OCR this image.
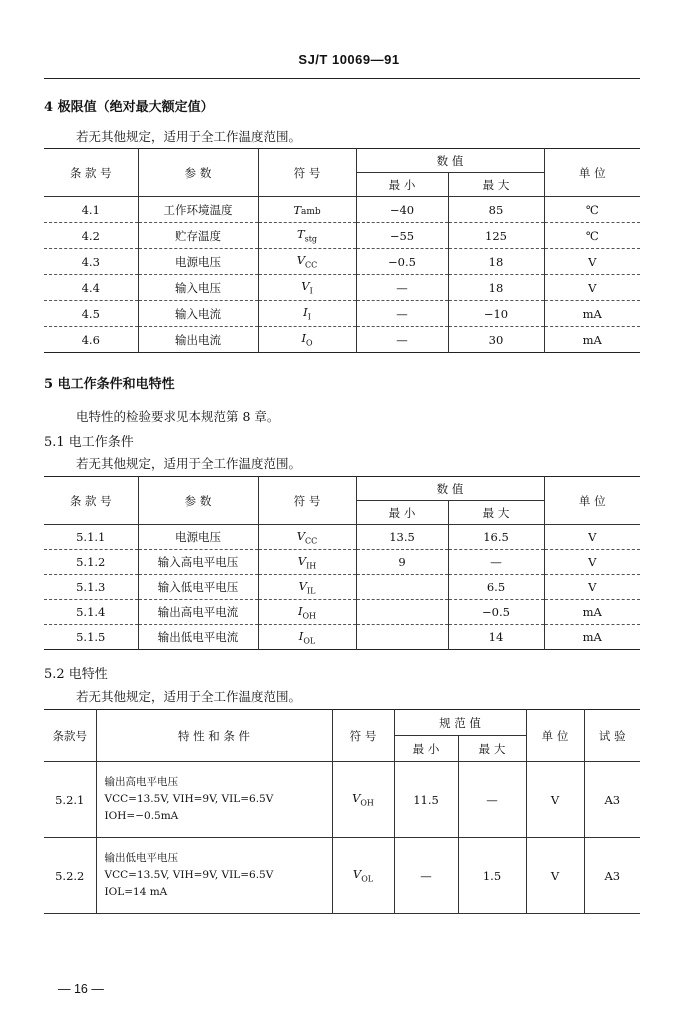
SJ/T 10069—91
4 极限值（绝对最大额定值）
若无其他规定，适用于全工作温度范围。
条 款 号	参 数	符 号	数 值		单 位
			最 小	最 大	
4.1	工作环境温度	Tamb	−40	85	℃
4.2	贮存温度	$T_{stg}$	−55	125	℃
4.3	电源电压	$V_{CC}$	−0.5	18	V
4.4	输入电压	$V_I$	—	18	V
4.5	输入电流	$I_I$	—	−10	mA
4.6	输出电流	$I_O$	—	30	mA
5 电工作条件和电特性
电特性的检验要求见本规范第 8 章。
5.1 电工作条件
若无其他规定，适用于全工作温度范围。
条 款 号	参 数	符 号	数 值		单 位
			最 小	最 大	
5.1.1	电源电压	$V_{CC}$	13.5	16.5	V
5.1.2	输入高电平电压	$V_{IH}$	9	—	V
5.1.3	输入低电平电压	$V_{IL}$		6.5	V
5.1.4	输出高电平电流	$I_{OH}$		−0.5	mA
5.1.5	输出低电平电流	$I_{OL}$		14	mA
5.2 电特性
若无其他规定，适用于全工作温度范围。
条款号	特 性 和 条 件	符 号	规 范 值		单 位	试 验
			最 小	最 大		
5.2.1	输出高电平电压
VCC=13.5V, VIH=9V, VIL=6.5V
IOH=−0.5mA	$V_{OH}$	11.5	—	V	A3
5.2.2	输出低电平电压
VCC=13.5V, VIH=9V, VIL=6.5V
IOL=14 mA	$V_{OL}$	—	1.5	V	A3
— 16 —
